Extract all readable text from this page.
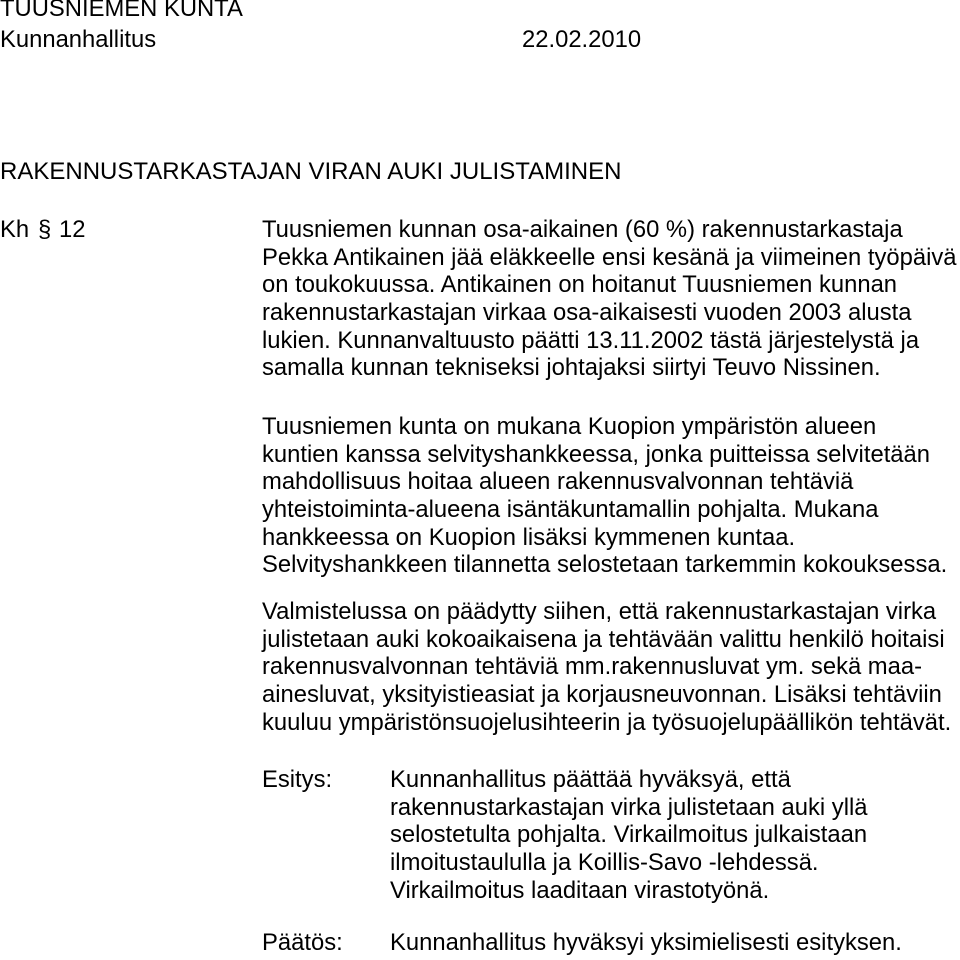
TUUSNIEMEN KUNTA
Kunnanhallitus	22.02.2010
RAKENNUSTARKASTAJAN VIRAN AUKI JULISTAMINEN
Kh § 12	Tuusniemen kunnan osa-aikainen (60 %) rakennustarkastaja
Pekka Antikainen jää eläkkeelle ensi kesänä ja viimeinen työpäivä
on toukokuussa. Antikainen on hoitanut Tuusniemen kunnan
rakennustarkastajan virkaa osa-aikaisesti vuoden 2003 alusta
lukien. Kunnanvaltuusto päätti 13.11.2002 tästä järjestelystä ja
samalla kunnan tekniseksi johtajaksi siirtyi Teuvo Nissinen.
Tuusniemen kunta on mukana Kuopion ympäristön alueen
kuntien kanssa selvityshankkeessa, jonka puitteissa selvitetään
mahdollisuus hoitaa alueen rakennusvalvonnan tehtäviä
yhteistoiminta-alueena isäntäkuntamallin pohjalta. Mukana
hankkeessa on Kuopion lisäksi kymmenen kuntaa.
Selvityshankkeen tilannetta selostetaan tarkemmin kokouksessa.
Valmistelussa on päädytty siihen, että rakennustarkastajan virka
julistetaan auki kokoaikaisena ja tehtävään valittu henkilö hoitaisi
rakennusvalvonnan tehtäviä mm.rakennusluvat ym. sekä maa-
ainesluvat, yksityistieasiat ja korjausneuvonnan. Lisäksi tehtäviin
kuuluu ympäristönsuojelusihteerin ja työsuojelupäällikön tehtävät.
Esitys: Kunnanhallitus päättää hyväksyä, että
rakennustarkastajan virka julistetaan auki yllä
selostetulta pohjalta. Virkailmoitus julkaistaan
ilmoitustaululla ja Koillis-Savo -lehdessä.
Virkailmoitus laaditaan virastotyönä.
Päätös: Kunnanhallitus hyväksyi yksimielisesti esityksen.
